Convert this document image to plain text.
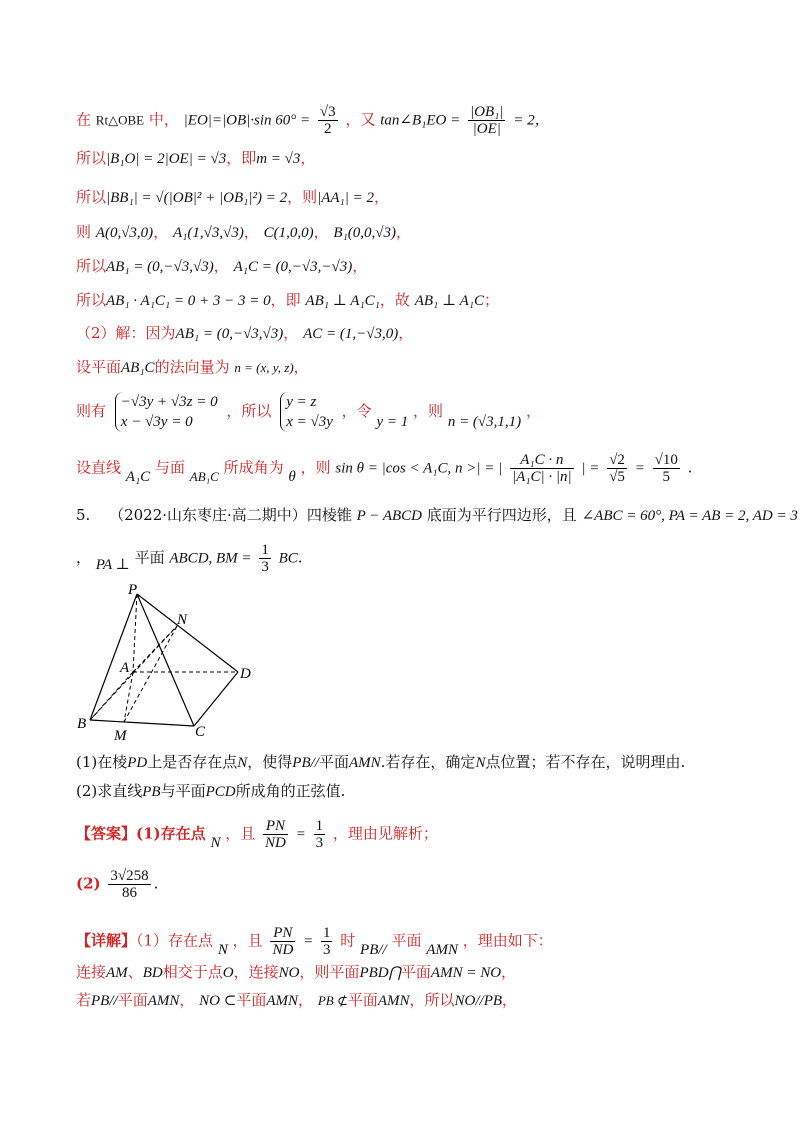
在 Rt△OBE 中， |EO|=|OB|·sin $60^\circ = \frac{√3}{2}$ ，又 tan∠B₁EO = $\frac{\text{|OB₁|}}{|OE|} = 2$，
所以|B₁O| = 2|OE| = √3，即m = √3，
所以|BB₁| = √(|OB|² + |OB₁|²) = 2，则|AA₁| = 2，
则 A(0,√3,0)， A₁(1,√3,√3)， C(1,0,0)， B₁(0,0,√3)，
所以AB₁ = (0,−√3,√3)， A₁C = (0,−√3,−√3)，
所以AB₁ · A₁C₁ = 0 + 3 − 3 = 0，即 AB₁ ⊥ A₁C₁，故 AB₁ ⊥ A₁C；
（2）解：因为AB₁ = (0,−√3,√3)， AC = (1,−√3,0)，
设平面AB₁C的法向量为 n = (x, y, z)，
则有 −√3y + √3z = 0
x − √3y = 0
，所以 y = z
x = √3y
，令 y = 1 ，则 n = (√3,1,1) ，
设直线 A₁C 与面 AB₁C 所成角为 θ ，则 sin θ = |cos < A₁C, n >| = | $\frac{\text{A₁C · n}}{\text{|A₁C| · |n|}}$ | = $\frac{√2}{√5} = \frac{√10}{5}$ .
5. （2022·山东枣庄·高二期中）四棱锥 P − ABCD 底面为平行四边形，且 ∠ABC = 60°, PA = AB = 2, AD = 3
， PA ⊥ 平面 ABCD, BM = $\frac{1}{3}$ BC.
P
N
A	D
B
M	C
(1)在棱PD上是否存在点N，使得PB//平面AMN.若存在，确定N点位置；若不存在，说明理由.
(2)求直线PB与平面PCD所成角的正弦值.
【答案】(1)存在点 N ，且 $\frac{PN}{ND} = \frac{1}{3}$ ，理由见解析；
$(2) \frac{3√258}{86}$ .
【详解】（1）存在点 N ，且 $\frac{PN}{ND} = \frac{1}{3}$ 时 PB// 平面 AMN ，理由如下：
连接AM、BD相交于点O，连接NO，则平面PBD⋂平面AMN = NO，
若PB//平面AMN， NO ⊂平面AMN， PB ⊄平面AMN，所以NO//PB，
